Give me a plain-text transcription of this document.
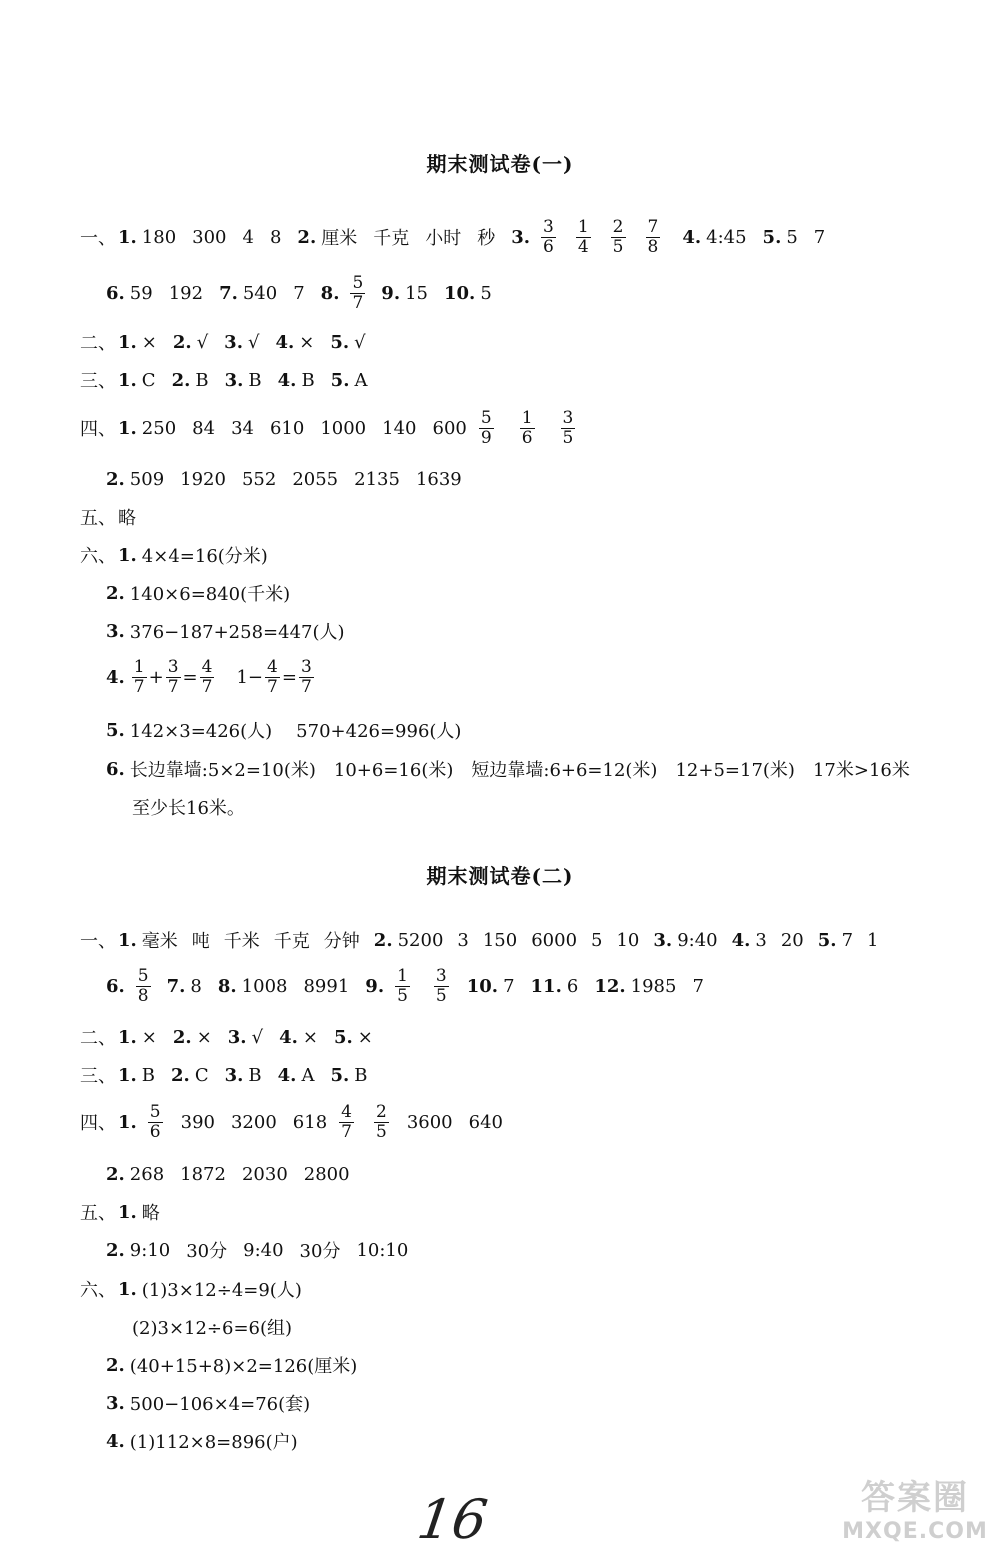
期末测试卷(一)
一、 1. 180 300 4 8 2. 厘米 千克 小时 秒 3. $\frac{3}{6} \frac{1}{4} \frac{2}{5} \frac{7}{8} 4$. 4:45 5. 5 7
6. 59 192 7. 540 7 8. $\frac{5}{7} 9$. 15 10. 5
二、 1. × 2. √ 3. √ 4. × 5. √
三、 1. C 2. B 3. B 4. B 5. A
四、 1. 250 84 34 610 1000 140 $600 \frac{5}{9} \frac{1}{6} \frac{3}{5}$
2. 509 1920 552 2055 2135 1639
五、 略
六、 1. 4×4=16(分米)
2. 140×6=840(千米)
3. 376−187+258=447(人)
4. $\frac{1}{7} + \frac{3}{7} = \frac{4}{7} 1- \frac{4}{7} = \frac{3}{7}$
5. 142×3=426(人) 570+426=996(人)
6. 长边靠墙:5×2=10(米) 10+6=16(米) 短边靠墙:6+6=12(米) 12+5=17(米) 17米>16米
至少长16米。
期末测试卷(二)
一、 1. 毫米 吨 千米 千克 分钟 2. 5200 3 150 6000 5 10 3. 9:40 4. 3 20 5. 7 1
6. $\frac{5}{8} 7$. 8 8. 1008 8991 9. $\frac{1}{5} \frac{3}{5} 10$. 7 11. 6 12. 1985 7
二、 1. × 2. × 3. √ 4. × 5. ×
三、 1. B 2. C 3. B 4. A 5. B
四、 1. $\frac{5}{6} 390$ 3200 $618 \frac{4}{7} \frac{2}{5} 3600$ 640
2. 268 1872 2030 2800
五、 1. 略
2. 9:10 30分 9:40 30分 10:10
六、 1. (1)3×12÷4=9(人)
(2)3×12÷6=6(组)
2. (40+15+8)×2=126(厘米)
3. 500−106×4=76(套)
4. (1)112×8=896(户)
16	答案圈
MXQE.COM
